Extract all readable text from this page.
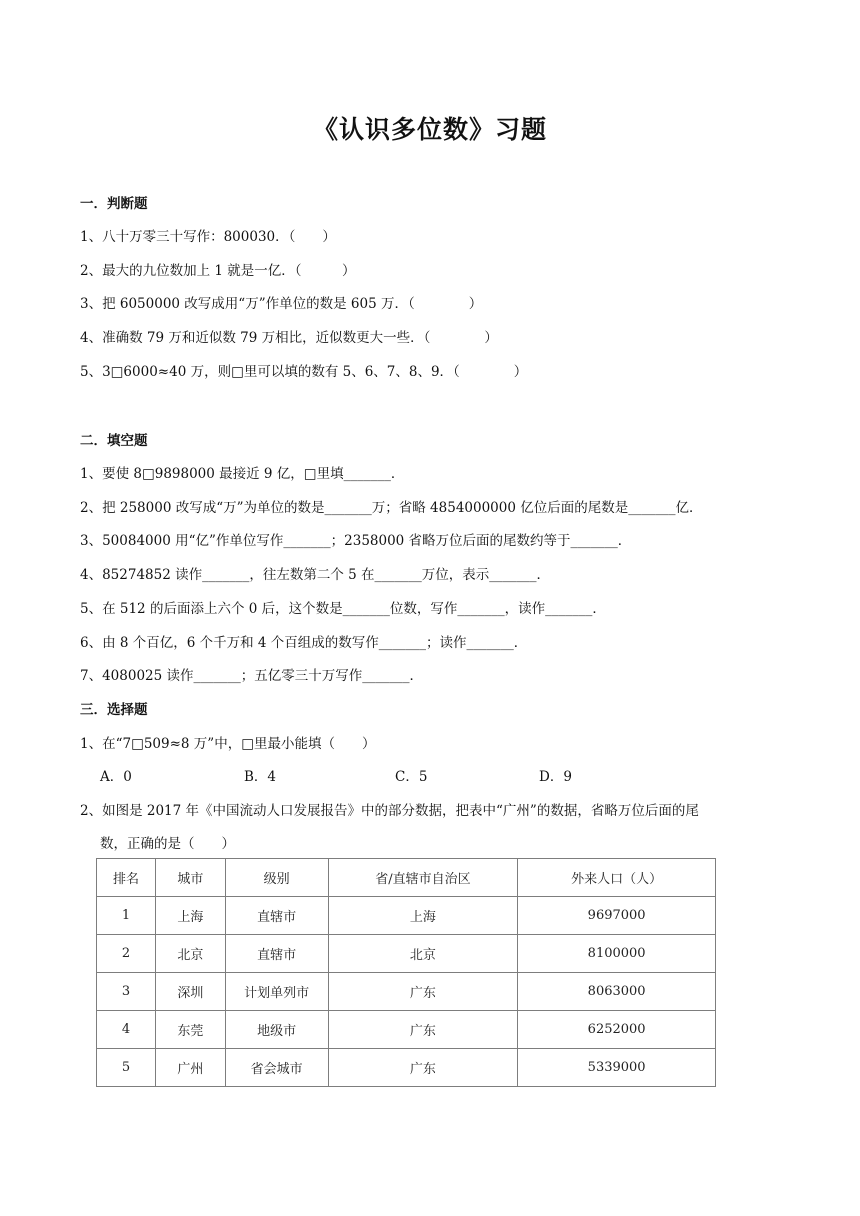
《认识多位数》习题
一．判断题
1、八十万零三十写作：800030．（　　）
2、最大的九位数加上 1 就是一亿．（　　　）
3、把 6050000 改写成用“万”作单位的数是 605 万．（　　　　）
4、准确数 79 万和近似数 79 万相比，近似数更大一些．（　　　　）
5、3□6000≈40 万，则□里可以填的数有 5、6、7、8、9．（　　　　）
二．填空题
1、要使 8□9898000 最接近 9 亿，□里填_______．
2、把 258000 改写成“万”为单位的数是_______万；省略 4854000000 亿位后面的尾数是_______亿．
3、50084000 用“亿”作单位写作_______；2358000 省略万位后面的尾数约等于_______．
4、85274852 读作_______，往左数第二个 5 在_______万位，表示_______．
5、在 512 的后面添上六个 0 后，这个数是_______位数，写作_______，读作_______．
6、由 8 个百亿，6 个千万和 4 个百组成的数写作_______；读作_______．
7、4080025 读作_______；五亿零三十万写作_______．
三．选择题
1、在“7□509≈8 万”中，□里最小能填（　　）
A．0	B．4	C．5	D．9
2、如图是 2017 年《中国流动人口发展报告》中的部分数据，把表中“广州”的数据，省略万位后面的尾
数，正确的是（　　）
排名	城市	级别	省/直辖市自治区	外来人口（人）
1	上海	直辖市	上海	9697000
2	北京	直辖市	北京	8100000
3	深圳	计划单列市	广东	8063000
4	东莞	地级市	广东	6252000
5	广州	省会城市	广东	5339000
